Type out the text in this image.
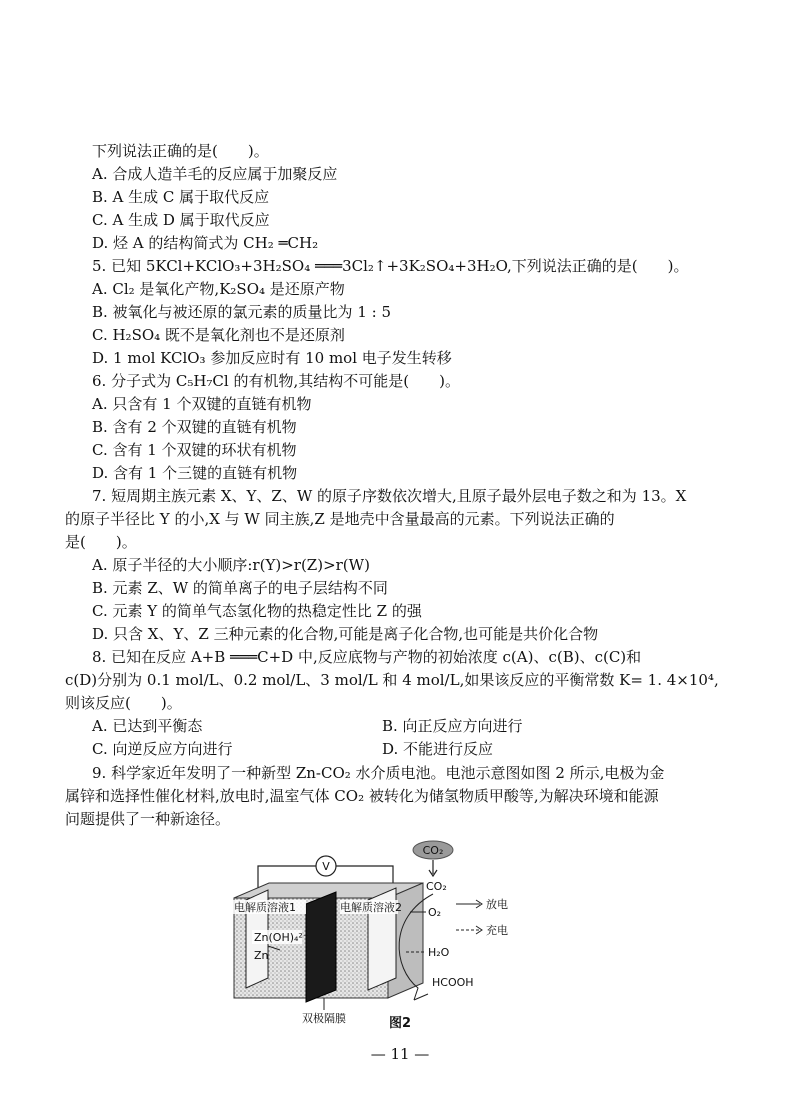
下列说法正确的是(　　)。
A. 合成人造羊毛的反应属于加聚反应
B. A 生成 C 属于取代反应
C. A 生成 D 属于取代反应
D. 烃 A 的结构简式为 CH₂ ═CH₂
5. 已知 5KCl+KClO₃+3H₂SO₄ ═══3Cl₂↑+3K₂SO₄+3H₂O,下列说法正确的是(　　)。
A. Cl₂ 是氧化产物,K₂SO₄ 是还原产物
B. 被氧化与被还原的氯元素的质量比为 1 : 5
C. H₂SO₄ 既不是氧化剂也不是还原剂
D. 1 mol KClO₃ 参加反应时有 10 mol 电子发生转移
6. 分子式为 C₅H₇Cl 的有机物,其结构不可能是(　　)。
A. 只含有 1 个双键的直链有机物
B. 含有 2 个双键的直链有机物
C. 含有 1 个双键的环状有机物
D. 含有 1 个三键的直链有机物
7. 短周期主族元素 X、Y、Z、W 的原子序数依次增大,且原子最外层电子数之和为 13。X
的原子半径比 Y 的小,X 与 W 同主族,Z 是地壳中含量最高的元素。下列说法正确的
是(　　)。
A. 原子半径的大小顺序:r(Y)>r(Z)>r(W)
B. 元素 Z、W 的简单离子的电子层结构不同
C. 元素 Y 的简单气态氢化物的热稳定性比 Z 的强
D. 只含 X、Y、Z 三种元素的化合物,可能是离子化合物,也可能是共价化合物
8. 已知在反应 A+B ═══C+D 中,反应底物与产物的初始浓度 c(A)、c(B)、c(C)和
c(D)分别为 0.1 mol/L、0.2 mol/L、3 mol/L 和 4 mol/L,如果该反应的平衡常数 K= 1. 4×10⁴,
则该反应(　　)。
A. 已达到平衡态	B. 向正反应方向进行
C. 向逆反应方向进行	D. 不能进行反应
9. 科学家近年发明了一种新型 Zn-CO₂ 水介质电池。电池示意图如图 2 所示,电极为金
属锌和选择性催化材料,放电时,温室气体 CO₂ 被转化为储氢物质甲酸等,为解决环境和能源
问题提供了一种新途径。
V
电解质溶液1	电解质溶液2
Zn(OH)₄²⁻
Zn
CO₂
CO₂
O₂
H₂O
HCOOH
放电
充电
双极隔膜	图2
— 11 —
